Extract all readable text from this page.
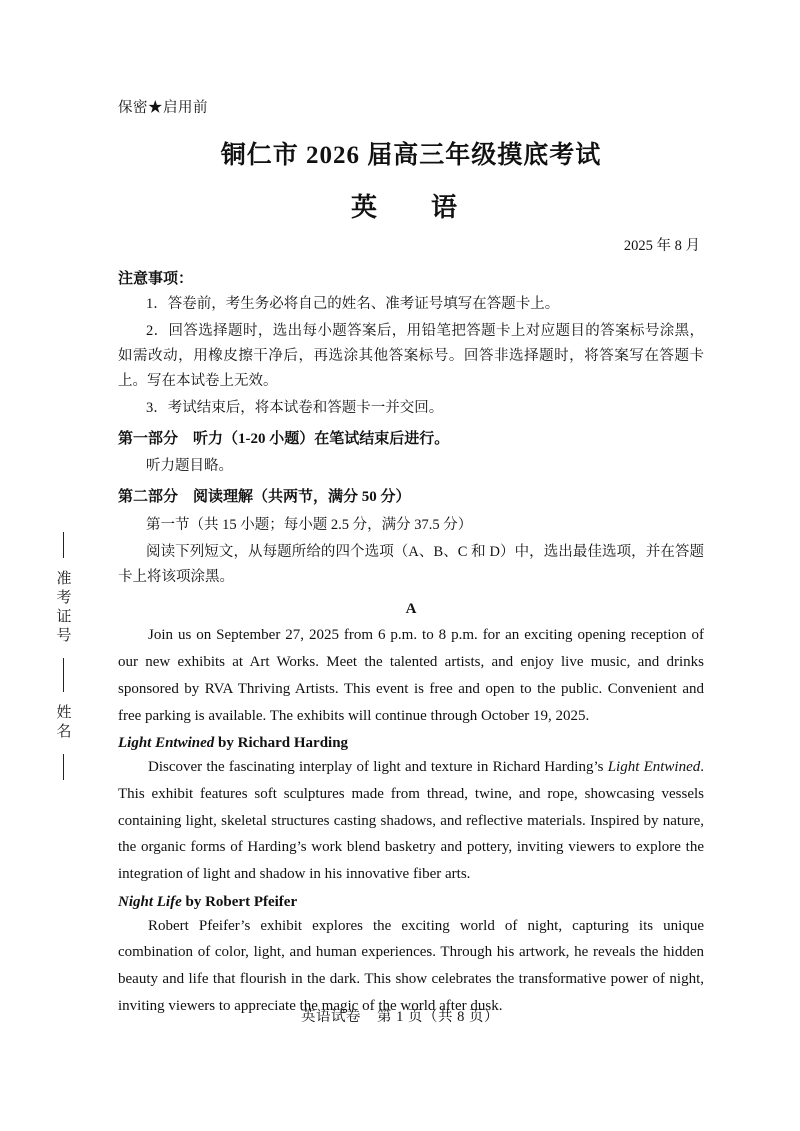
准考证号
姓名
保密★启用前
铜仁市 2026 届高三年级摸底考试
英　语
2025 年 8 月
注意事项：

1．答卷前，考生务必将自己的姓名、准考证号填写在答题卡上。

2．回答选择题时，选出每小题答案后，用铅笔把答题卡上对应题目的答案标号涂黑，如需改动，用橡皮擦干净后，再选涂其他答案标号。回答非选择题时，将答案写在答题卡上。写在本试卷上无效。

3．考试结束后，将本试卷和答题卡一并交回。

第一部分　听力（1-20 小题）在笔试结束后进行。

听力题目略。

第二部分　阅读理解（共两节，满分 50 分）

第一节（共 15 小题；每小题 2.5 分，满分 37.5 分）

阅读下列短文，从每题所给的四个选项（A、B、C 和 D）中，选出最佳选项，并在答题卡上将该项涂黑。

A

Join us on September 27, 2025 from 6 p.m. to 8 p.m. for an exciting opening reception of our new exhibits at Art Works. Meet the talented artists, and enjoy live music, and drinks sponsored by RVA Thriving Artists. This event is free and open to the public. Convenient and free parking is available. The exhibits will continue through October 19, 2025.

Light Entwined by Richard Harding

Discover the fascinating interplay of light and texture in Richard Harding’s Light Entwined. This exhibit features soft sculptures made from thread, twine, and rope, showcasing vessels containing light, skeletal structures casting shadows, and reflective materials. Inspired by nature, the organic forms of Harding’s work blend basketry and pottery, inviting viewers to explore the integration of light and shadow in his innovative fiber arts.

Night Life by Robert Pfeifer

Robert Pfeifer’s exhibit explores the exciting world of night, capturing its unique combination of color, light, and human experiences. Through his artwork, he reveals the hidden beauty and life that flourish in the dark. This show celebrates the transformative power of night, inviting viewers to appreciate the magic of the world after dusk.

英语试卷 第 1 页（共 8 页）
